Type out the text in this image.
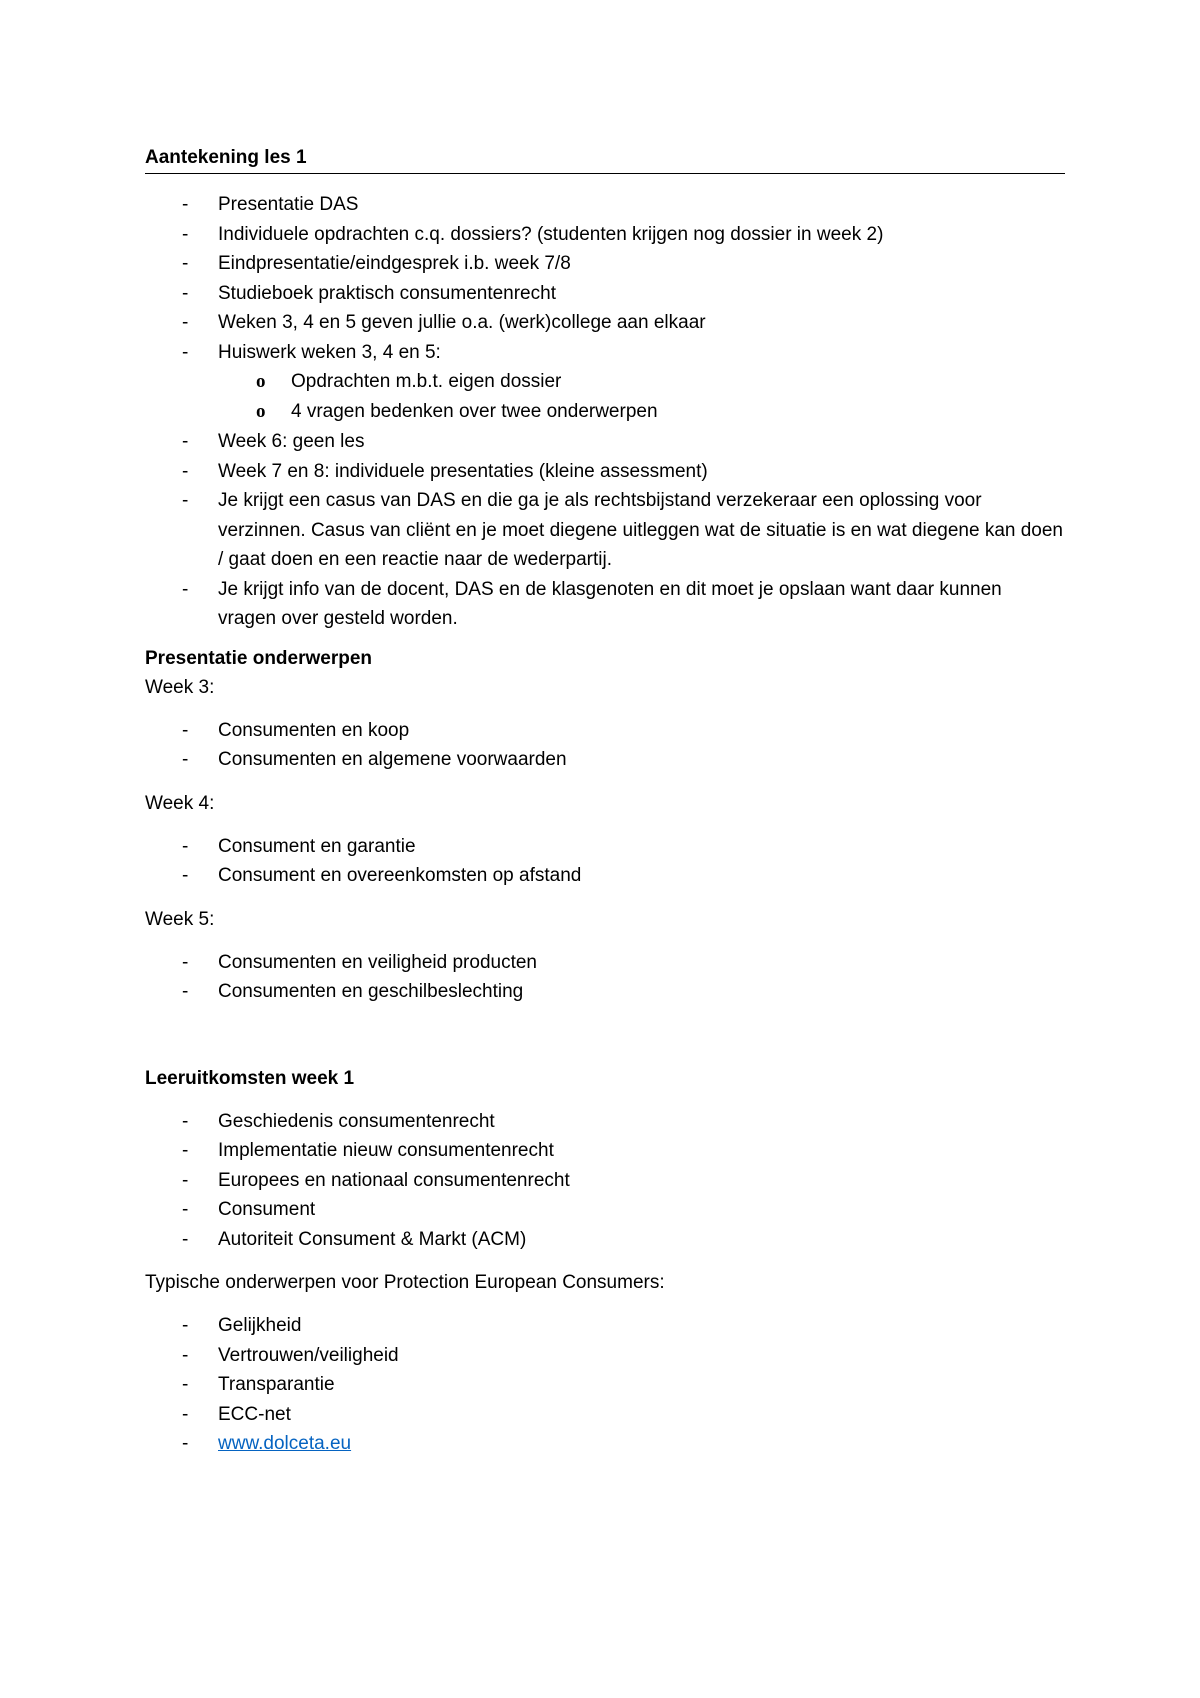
Aantekening les 1
- Presentatie DAS
- Individuele opdrachten c.q. dossiers? (studenten krijgen nog dossier in week 2)
- Eindpresentatie/eindgesprek i.b. week 7/8
- Studieboek praktisch consumentenrecht
- Weken 3, 4 en 5 geven jullie o.a. (werk)college aan elkaar
- Huiswerk weken 3, 4 en 5:
o Opdrachten m.b.t. eigen dossier
o 4 vragen bedenken over twee onderwerpen
- Week 6: geen les
- Week 7 en 8: individuele presentaties (kleine assessment)
- Je krijgt een casus van DAS en die ga je als rechtsbijstand verzekeraar een oplossing voor verzinnen. Casus van cliënt en je moet diegene uitleggen wat de situatie is en wat diegene kan doen / gaat doen en een reactie naar de wederpartij.
- Je krijgt info van de docent, DAS en de klasgenoten en dit moet je opslaan want daar kunnen vragen over gesteld worden.
Presentatie onderwerpen
Week 3:
- Consumenten en koop
- Consumenten en algemene voorwaarden
Week 4:
- Consument en garantie
- Consument en overeenkomsten op afstand
Week 5:
- Consumenten en veiligheid producten
- Consumenten en geschilbeslechting
Leeruitkomsten week 1
- Geschiedenis consumentenrecht
- Implementatie nieuw consumentenrecht
- Europees en nationaal consumentenrecht
- Consument
- Autoriteit Consument & Markt (ACM)
Typische onderwerpen voor Protection European Consumers:
- Gelijkheid
- Vertrouwen/veiligheid
- Transparantie
- ECC-net
- www.dolceta.eu
